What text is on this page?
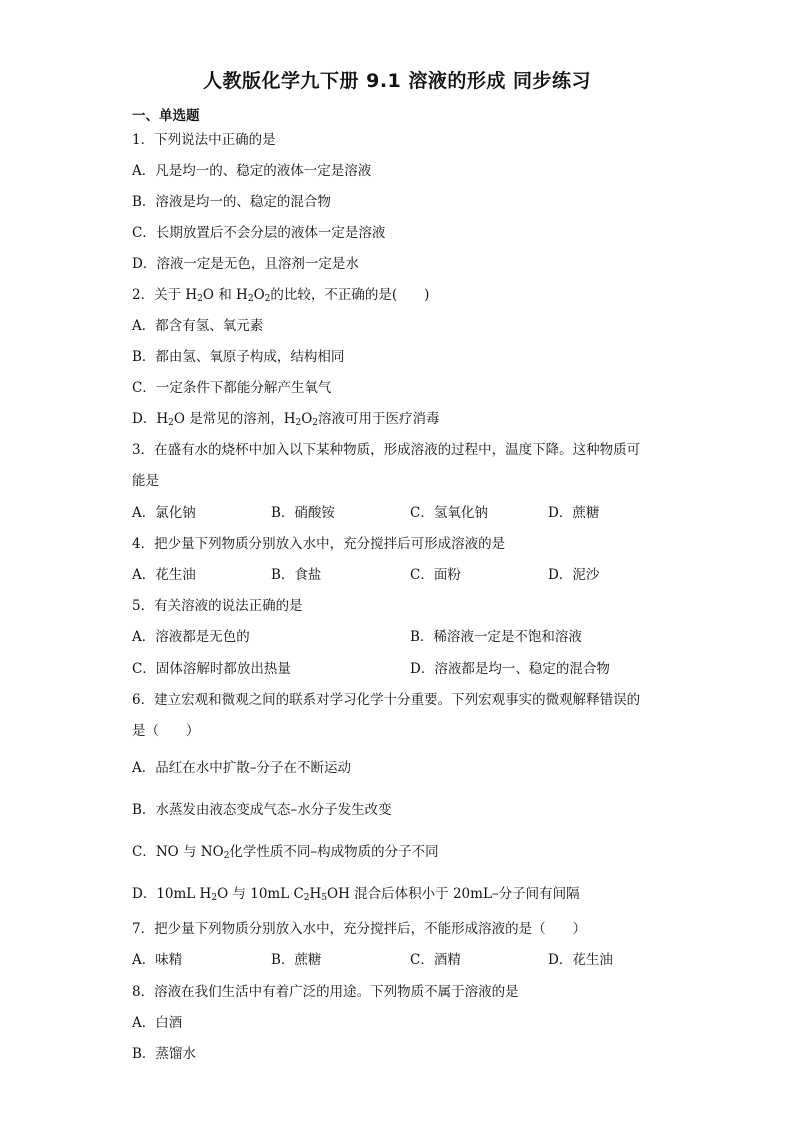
人教版化学九下册 9.1 溶液的形成 同步练习
一、单选题
1．下列说法中正确的是
A．凡是均一的、稳定的液体一定是溶液
B．溶液是均一的、稳定的混合物
C．长期放置后不会分层的液体一定是溶液
D．溶液一定是无色，且溶剂一定是水
2．关于 $H_2O$ 和 $H_2O_2$的比较，不正确的是(　　)
A．都含有氢、氧元素
B．都由氢、氧原子构成，结构相同
C．一定条件下都能分解产生氧气
D．$H_2O$ 是常见的溶剂，$H_2O_2$溶液可用于医疗消毒
3．在盛有水的烧杯中加入以下某种物质，形成溶液的过程中，温度下降。这种物质可
能是
A．氯化钠	B．硝酸铵	C．氢氧化钠	D．蔗糖
4．把少量下列物质分别放入水中，充分搅拌后可形成溶液的是
A．花生油	B．食盐	C．面粉	D．泥沙
5．有关溶液的说法正确的是
A．溶液都是无色的	B．稀溶液一定是不饱和溶液
C．固体溶解时都放出热量	D．溶液都是均一、稳定的混合物
6．建立宏观和微观之间的联系对学习化学十分重要。下列宏观事实的微观解释错误的
是（　　）
A．品红在水中扩散–分子在不断运动
B．水蒸发由液态变成气态–水分子发生改变
C．NO 与 $NO_2$化学性质不同–构成物质的分子不同
D．10mL $H_2O$ 与 10mL $C_2H_5OH$ 混合后体积小于 20mL–分子间有间隔
7．把少量下列物质分别放入水中，充分搅拌后，不能形成溶液的是（　　）
A．味精	B．蔗糖	C．酒精	D．花生油
8．溶液在我们生活中有着广泛的用途。下列物质不属于溶液的是
A．白酒
B．蒸馏水
